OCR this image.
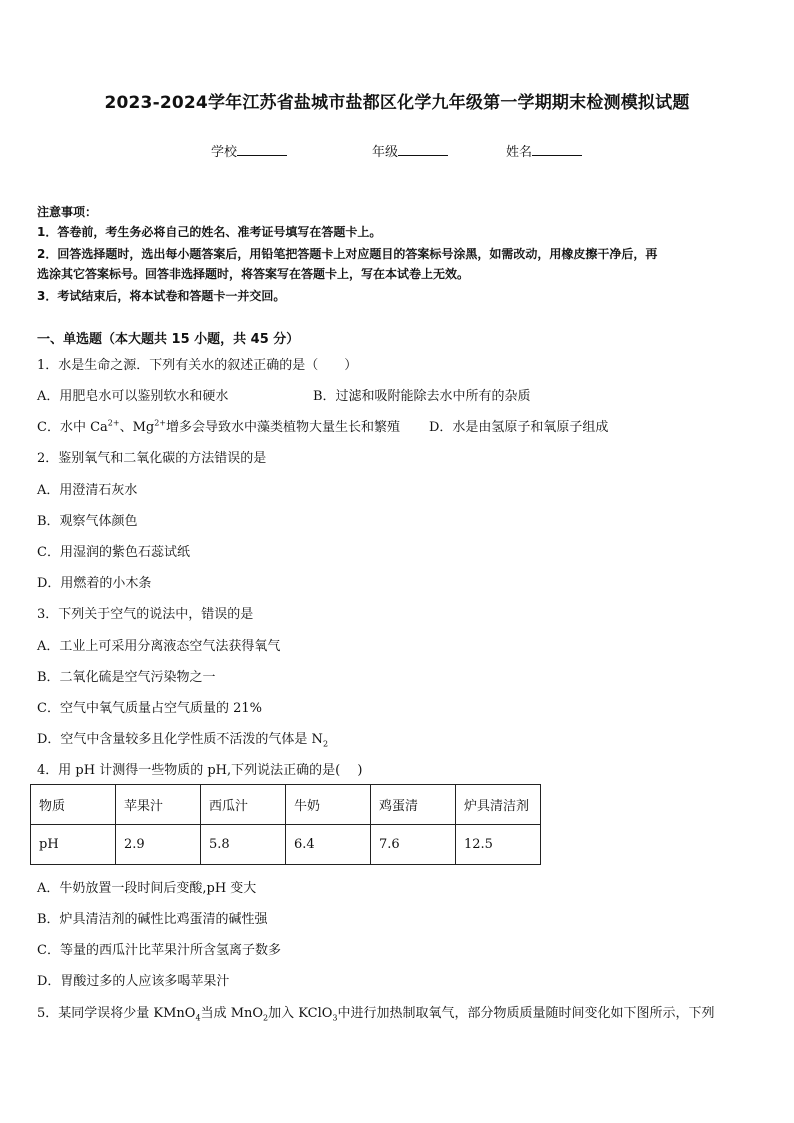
2023-2024学年江苏省盐城市盐都区化学九年级第一学期期末检测模拟试题
学校	年级	姓名
注意事项：
1．答卷前，考生务必将自己的姓名、准考证号填写在答题卡上。
2．回答选择题时，选出每小题答案后，用铅笔把答题卡上对应题目的答案标号涂黑，如需改动，用橡皮擦干净后，再
选涂其它答案标号。回答非选择题时，将答案写在答题卡上，写在本试卷上无效。
3．考试结束后，将本试卷和答题卡一并交回。
一、单选题（本大题共 15 小题，共 45 分）
1．水是生命之源．下列有关水的叙述正确的是（　　）
A．用肥皂水可以鉴别软水和硬水	B．过滤和吸附能除去水中所有的杂质
C．水中 $Ca^{2+}$、$Mg^{2+}$增多会导致水中藻类植物大量生长和繁殖 D．水是由氢原子和氧原子组成
2．鉴别氧气和二氧化碳的方法错误的是
A．用澄清石灰水
B．观察气体颜色
C．用湿润的紫色石蕊试纸
D．用燃着的小木条
3．下列关于空气的说法中，错误的是
A．工业上可采用分离液态空气法获得氧气
B．二氧化硫是空气污染物之一
C．空气中氧气质量占空气质量的 21%
D．空气中含量较多且化学性质不活泼的气体是 $N_2$
4．用 pH 计测得一些物质的 pH,下列说法正确的是(　 )
物质	苹果汁	西瓜汁	牛奶	鸡蛋清	炉具清洁剂
pH	2.9	5.8	6.4	7.6	12.5
A．牛奶放置一段时间后变酸,pH 变大
B．炉具清洁剂的碱性比鸡蛋清的碱性强
C．等量的西瓜汁比苹果汁所含氢离子数多
D．胃酸过多的人应该多喝苹果汁
5．某同学误将少量 KMnO$_4$当成 MnO$_2$加入 KClO$_3$中进行加热制取氧气，部分物质质量随时间变化如下图所示，下列
